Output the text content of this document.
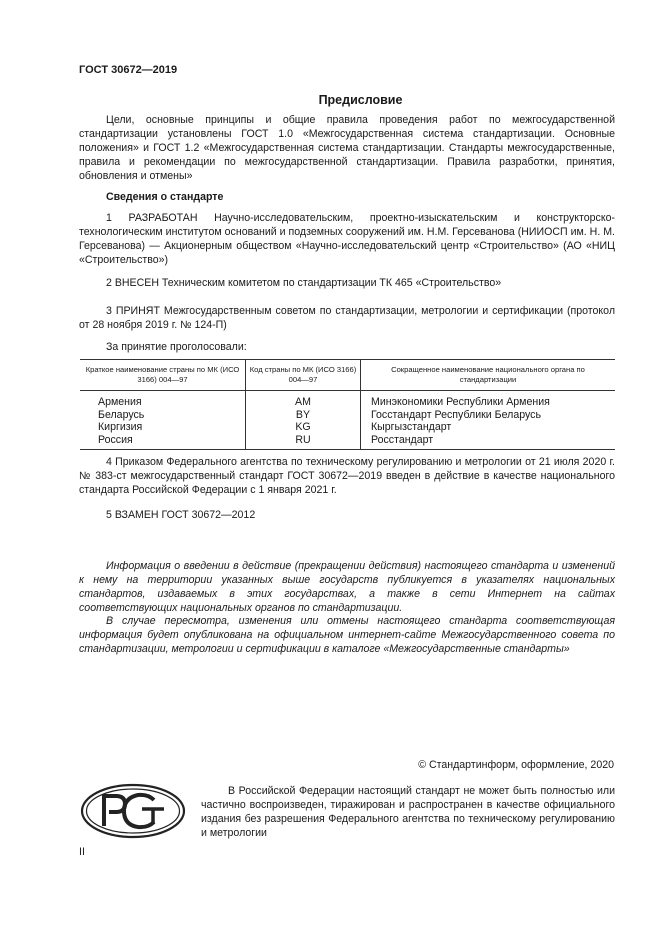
ГОСТ 30672—2019
Предисловие
Цели, основные принципы и общие правила проведения работ по межгосударственной стандартизации установлены ГОСТ 1.0 «Межгосударственная система стандартизации. Основные положения» и ГОСТ 1.2 «Межгосударственная система стандартизации. Стандарты межгосударственные, правила и рекомендации по межгосударственной стандартизации. Правила разработки, принятия, обновления и отмены»
Сведения о стандарте
1 РАЗРАБОТАН Научно-исследовательским, проектно-изыскательским и конструкторско-технологическим институтом оснований и подземных сооружений им. Н.М. Герсеванова (НИИОСП им. Н. М. Герсеванова) — Акционерным обществом «Научно-исследовательский центр «Строительство» (АО «НИЦ «Строительство»)
2 ВНЕСЕН Техническим комитетом по стандартизации ТК 465 «Строительство»
3 ПРИНЯТ Межгосударственным советом по стандартизации, метрологии и сертификации (протокол от 28 ноября 2019 г. № 124-П)
За принятие проголосовали:
Краткое наименование страны по МК (ИСО 3166) 004—97	Код страны по МК (ИСО 3166) 004—97	Сокращенное наименование национального органа по стандартизации
Армения	AM	Минэкономики Республики Армения
Беларусь	BY	Госстандарт Республики Беларусь
Киргизия	KG	Кыргызстандарт
Россия	RU	Росстандарт
4 Приказом Федерального агентства по техническому регулированию и метрологии от 21 июля 2020 г. № 383-ст межгосударственный стандарт ГОСТ 30672—2019 введен в действие в качестве национального стандарта Российской Федерации с 1 января 2021 г.
5 ВЗАМЕН ГОСТ 30672—2012
Информация о введении в действие (прекращении действия) настоящего стандарта и изменений к нему на территории указанных выше государств публикуется в указателях национальных стандартов, издаваемых в этих государствах, а также в сети Интернет на сайтах соответствующих национальных органов по стандартизации.
В случае пересмотра, изменения или отмены настоящего стандарта соответствующая информация будет опубликована на официальном интернет-сайте Межгосударственного совета по стандартизации, метрологии и сертификации в каталоге «Межгосударственные стандарты»
© Стандартинформ, оформление, 2020
В Российской Федерации настоящий стандарт не может быть полностью или частично воспроизведен, тиражирован и распространен в качестве официального издания без разрешения Федерального агентства по техническому регулированию и метрологии
II
